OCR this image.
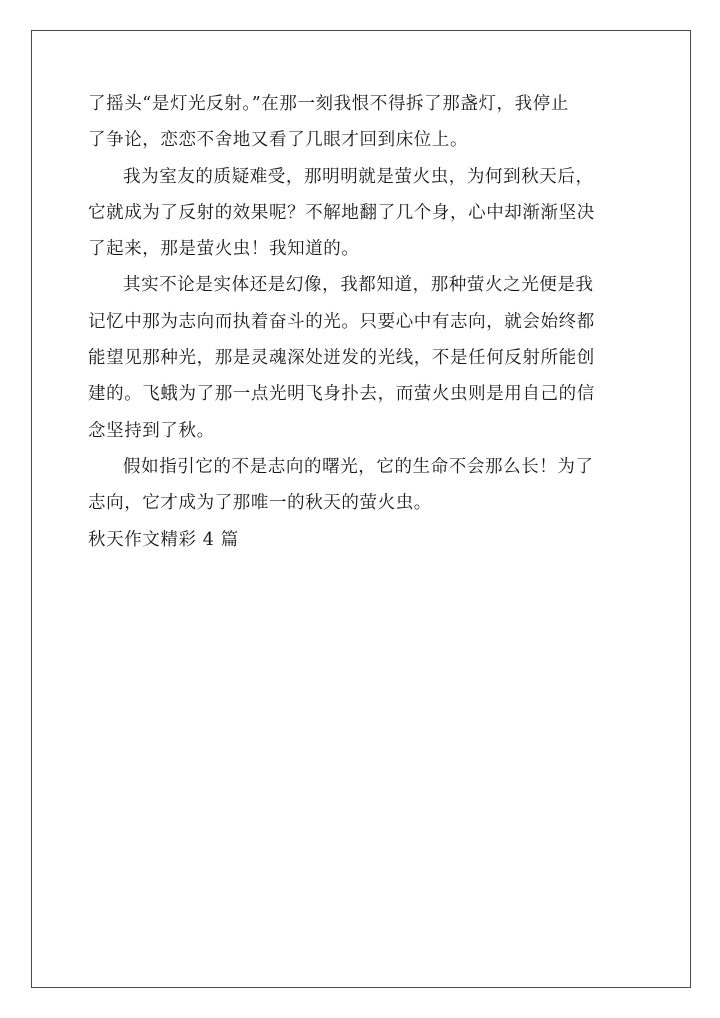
了摇头“是灯光反射。”在那一刻我恨不得拆了那盏灯，我停止
了争论，恋恋不舍地又看了几眼才回到床位上。
我为室友的质疑难受，那明明就是萤火虫，为何到秋天后，
它就成为了反射的效果呢？不解地翻了几个身，心中却渐渐坚决
了起来，那是萤火虫！我知道的。
其实不论是实体还是幻像，我都知道，那种萤火之光便是我
记忆中那为志向而执着奋斗的光。只要心中有志向，就会始终都
能望见那种光，那是灵魂深处迸发的光线，不是任何反射所能创
建的。飞蛾为了那一点光明飞身扑去，而萤火虫则是用自己的信
念坚持到了秋。
假如指引它的不是志向的曙光，它的生命不会那么长！为了
志向，它才成为了那唯一的秋天的萤火虫。
秋天作文精彩 4 篇
